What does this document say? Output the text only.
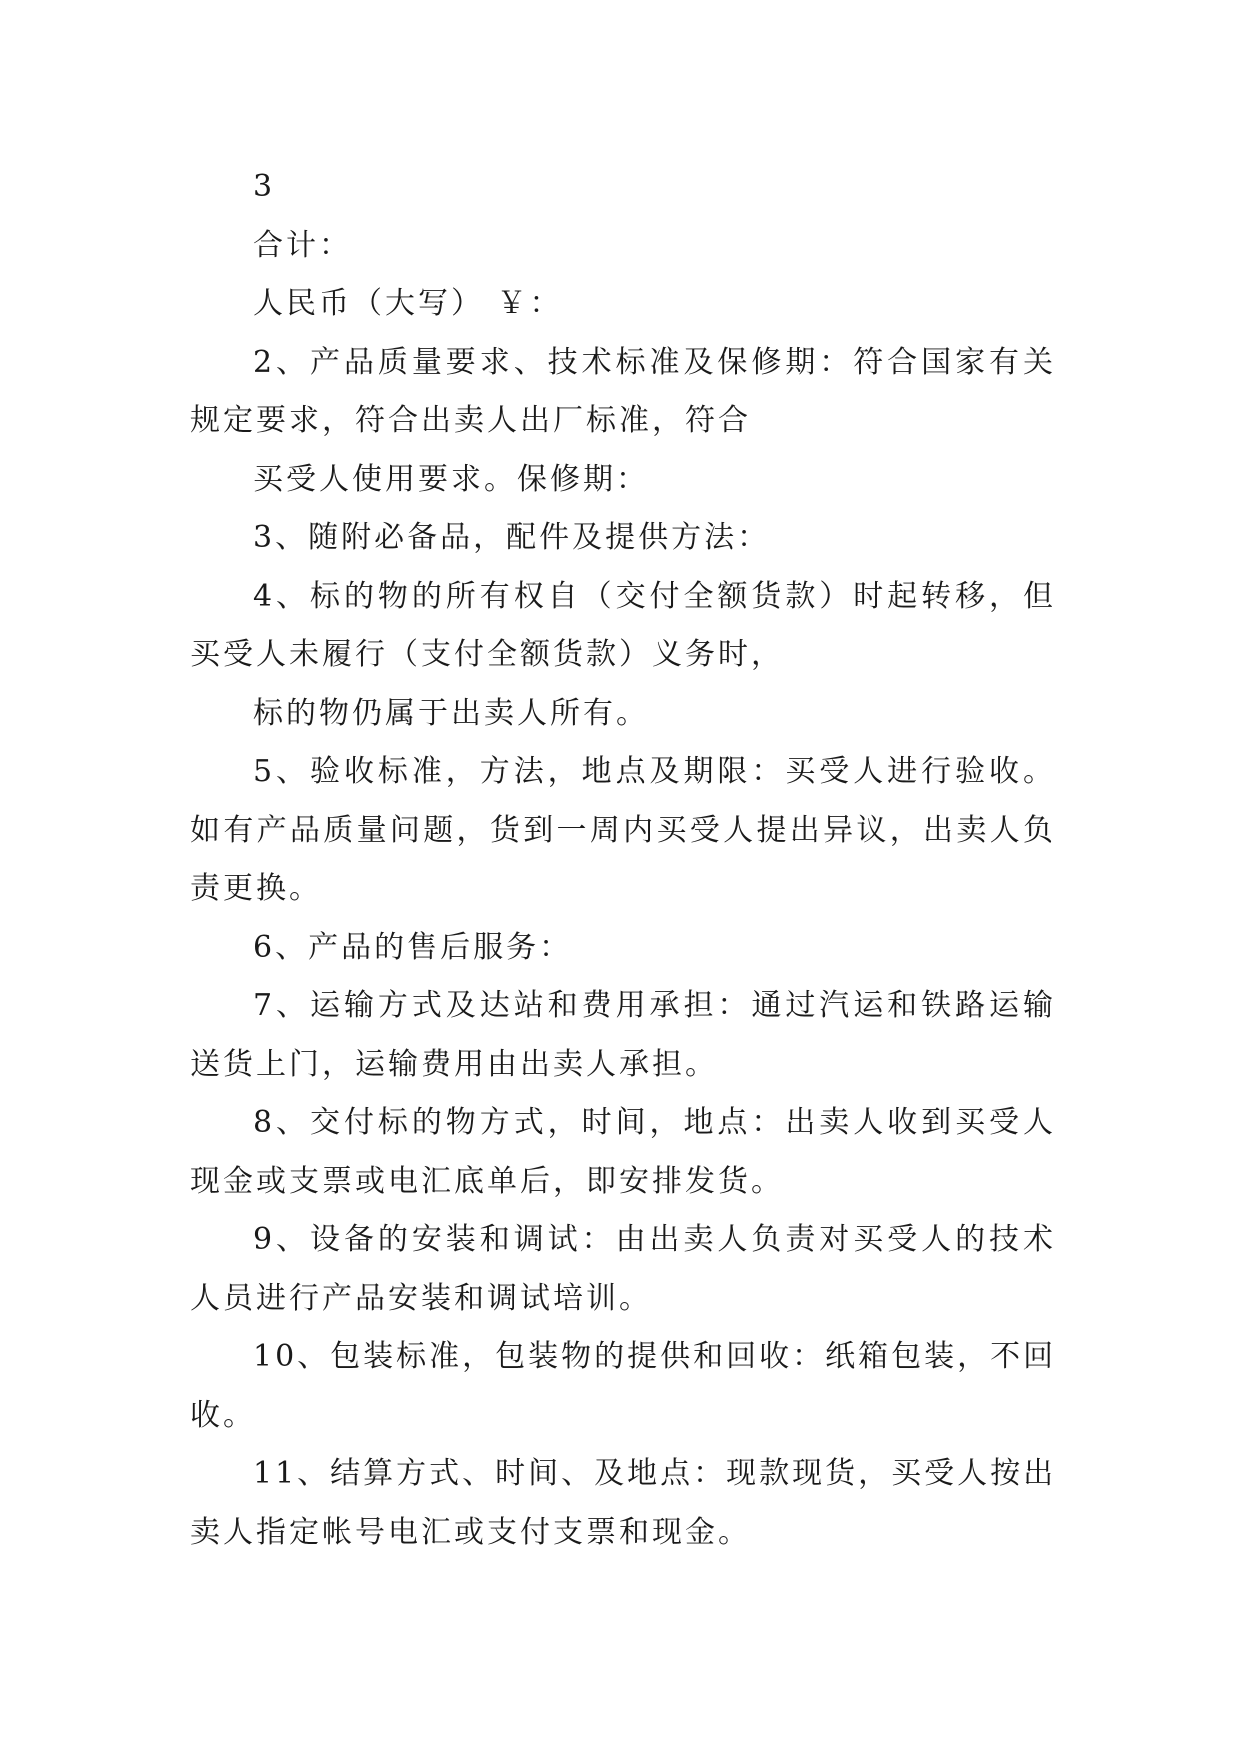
3
合计：
人民币（大写） ￥：
2、产品质量要求、技术标准及保修期：符合国家有关
规定要求，符合出卖人出厂标准，符合
买受人使用要求。保修期：
3、随附必备品，配件及提供方法：
4、标的物的所有权自（交付全额货款）时起转移，但
买受人未履行（支付全额货款）义务时，
标的物仍属于出卖人所有。
5、验收标准，方法，地点及期限：买受人进行验收。
如有产品质量问题，货到一周内买受人提出异议，出卖人负
责更换。
6、产品的售后服务：
7、运输方式及达站和费用承担：通过汽运和铁路运输
送货上门，运输费用由出卖人承担。
8、交付标的物方式，时间，地点：出卖人收到买受人
现金或支票或电汇底单后，即安排发货。
9、设备的安装和调试：由出卖人负责对买受人的技术
人员进行产品安装和调试培训。
10、包装标准，包装物的提供和回收：纸箱包装，不回
收。
11、结算方式、时间、及地点：现款现货，买受人按出
卖人指定帐号电汇或支付支票和现金。
